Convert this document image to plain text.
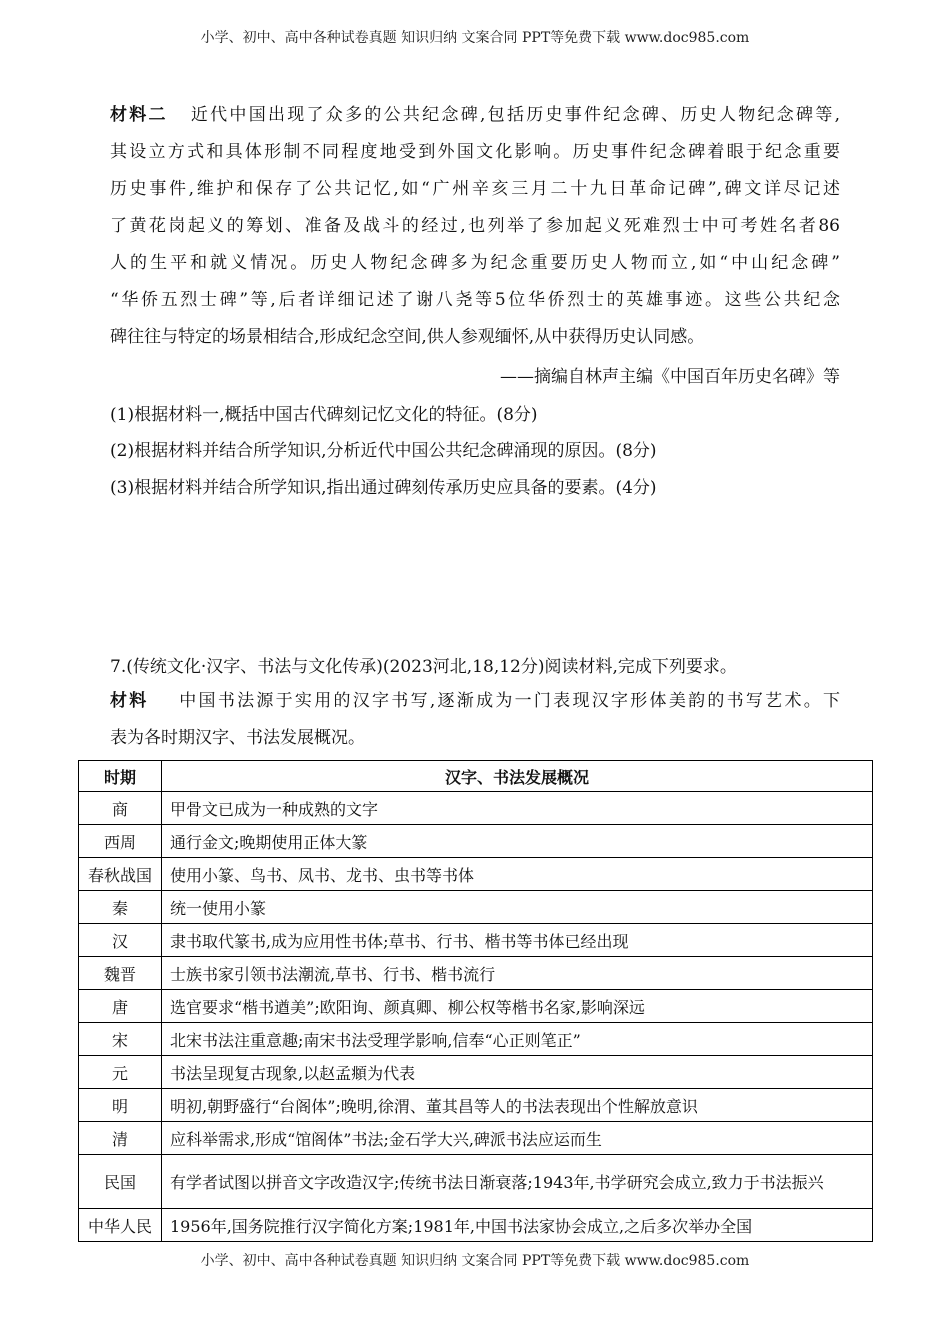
小学、初中、高中各种试卷真题 知识归纳 文案合同 PPT等免费下载 www.doc985.com
材料二 近代中国出现了众多的公共纪念碑,包括历史事件纪念碑、历史人物纪念碑等,
其设立方式和具体形制不同程度地受到外国文化影响。历史事件纪念碑着眼于纪念重要
历史事件,维护和保存了公共记忆,如“广州辛亥三月二十九日革命记碑”,碑文详尽记述
了黄花岗起义的筹划、准备及战斗的经过,也列举了参加起义死难烈士中可考姓名者86
人的生平和就义情况。历史人物纪念碑多为纪念重要历史人物而立,如“中山纪念碑”
“华侨五烈士碑”等,后者详细记述了谢八尧等5位华侨烈士的英雄事迹。这些公共纪念
碑往往与特定的场景相结合,形成纪念空间,供人参观缅怀,从中获得历史认同感。
——摘编自林声主编《中国百年历史名碑》等
(1)根据材料一,概括中国古代碑刻记忆文化的特征。(8分)
(2)根据材料并结合所学知识,分析近代中国公共纪念碑涌现的原因。(8分)
(3)根据材料并结合所学知识,指出通过碑刻传承历史应具备的要素。(4分)
7.(传统文化·汉字、书法与文化传承)(2023河北,18,12分)阅读材料,完成下列要求。
材料 中国书法源于实用的汉字书写,逐渐成为一门表现汉字形体美韵的书写艺术。下
表为各时期汉字、书法发展概况。
时期	汉字、书法发展概况
商	甲骨文已成为一种成熟的文字
西周	通行金文;晚期使用正体大篆
春秋战国	使用小篆、鸟书、凤书、龙书、虫书等书体
秦	统一使用小篆
汉	隶书取代篆书,成为应用性书体;草书、行书、楷书等书体已经出现
魏晋	士族书家引领书法潮流,草书、行书、楷书流行
唐	选官要求“楷书遒美”;欧阳询、颜真卿、柳公权等楷书名家,影响深远
宋	北宋书法注重意趣;南宋书法受理学影响,信奉“心正则笔正”
元	书法呈现复古现象,以赵孟頫为代表
明	明初,朝野盛行“台阁体”;晚明,徐渭、董其昌等人的书法表现出个性解放意识
清	应科举需求,形成“馆阁体”书法;金石学大兴,碑派书法应运而生
民国	有学者试图以拼音文字改造汉字;传统书法日渐衰落;1943年,书学研究会成立,致力于书法振兴
中华人民	1956年,国务院推行汉字简化方案;1981年,中国书法家协会成立,之后多次举办全国
小学、初中、高中各种试卷真题 知识归纳 文案合同 PPT等免费下载 www.doc985.com
